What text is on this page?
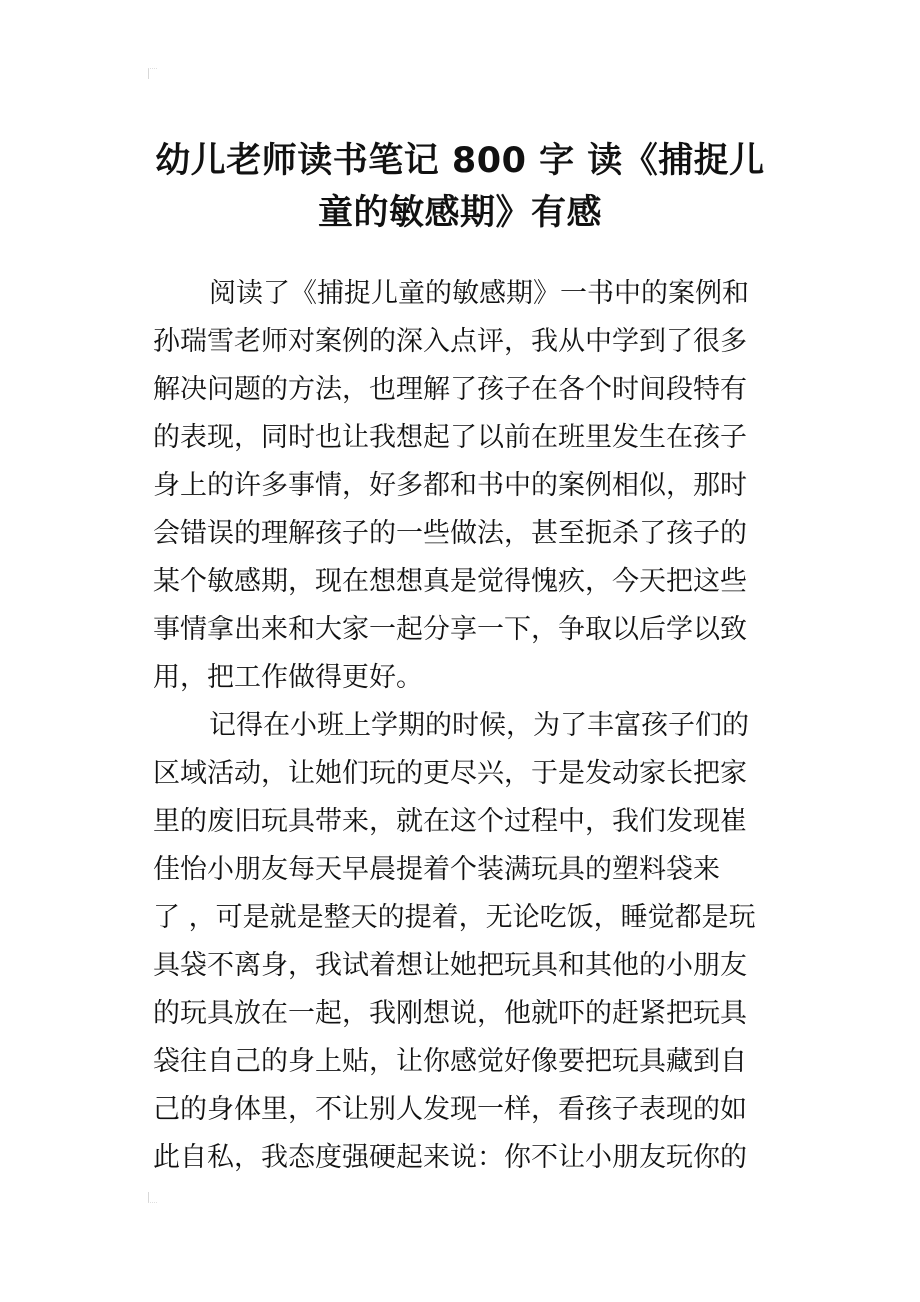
幼儿老师读书笔记 800 字 读《捕捉儿
童的敏感期》有感
阅读了《捕捉儿童的敏感期》一书中的案例和
孙瑞雪老师对案例的深入点评，我从中学到了很多
解决问题的方法，也理解了孩子在各个时间段特有
的表现，同时也让我想起了以前在班里发生在孩子
身上的许多事情，好多都和书中的案例相似，那时
会错误的理解孩子的一些做法，甚至扼杀了孩子的
某个敏感期，现在想想真是觉得愧疚，今天把这些
事情拿出来和大家一起分享一下，争取以后学以致
用，把工作做得更好。
记得在小班上学期的时候，为了丰富孩子们的
区域活动，让她们玩的更尽兴，于是发动家长把家
里的废旧玩具带来，就在这个过程中，我们发现崔
佳怡小朋友每天早晨提着个装满玩具的塑料袋来
了 ，可是就是整天的提着，无论吃饭，睡觉都是玩
具袋不离身，我试着想让她把玩具和其他的小朋友
的玩具放在一起，我刚想说，他就吓的赶紧把玩具
袋往自己的身上贴，让你感觉好像要把玩具藏到自
己的身体里，不让别人发现一样，看孩子表现的如
此自私，我态度强硬起来说：你不让小朋友玩你的
